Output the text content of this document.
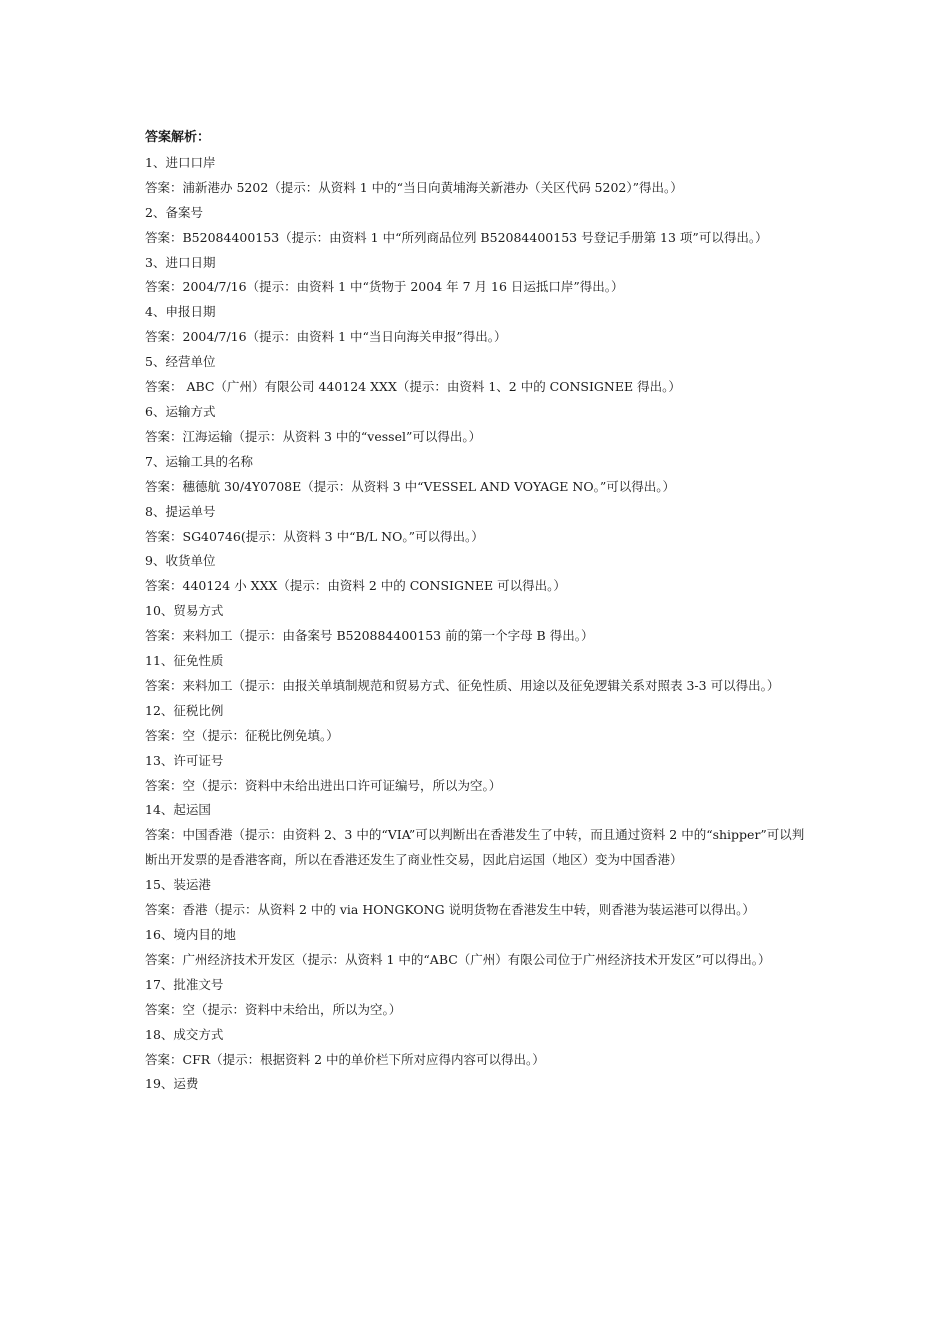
答案解析：

1、进口口岸

答案：浦新港办 5202（提示：从资料 1 中的“当日向黄埔海关新港办（关区代码 5202）”得出。）

2、备案号

答案：B52084400153（提示：由资料 1 中“所列商品位列 B52084400153 号登记手册第 13 项”可以得出。）

3、进口日期

答案：2004/7/16（提示：由资料 1 中“货物于 2004 年 7 月 16 日运抵口岸”得出。）

4、申报日期

答案：2004/7/16（提示：由资料 1 中“当日向海关申报”得出。）

5、经营单位

答案： ABC（广州）有限公司 440124 XXX（提示：由资料 1、2 中的 CONSIGNEE 得出。）

6、运输方式

答案：江海运输（提示：从资料 3 中的“vessel”可以得出。）

7、运输工具的名称

答案：穗德航 30/4Y0708E（提示：从资料 3 中“VESSEL AND VOYAGE NO。”可以得出。）

8、提运单号

答案：SG40746(提示：从资料 3 中“B/L NO。”可以得出。）

9、收货单位

答案：440124 小 XXX（提示：由资料 2 中的 CONSIGNEE 可以得出。）

10、贸易方式

答案：来料加工（提示：由备案号 B520884400153 前的第一个字母 B 得出。）

11、征免性质

答案：来料加工（提示：由报关单填制规范和贸易方式、征免性质、用途以及征免逻辑关系对照表 3-3 可以得出。）

12、征税比例

答案：空（提示：征税比例免填。）

13、许可证号

答案：空（提示：资料中未给出进出口许可证编号，所以为空。）

14、起运国

答案：中国香港（提示：由资料 2、3 中的“VIA”可以判断出在香港发生了中转，而且通过资料 2 中的“shipper”可以判断出开发票的是香港客商，所以在香港还发生了商业性交易，因此启运国（地区）变为中国香港）

15、装运港

答案：香港（提示：从资料 2 中的 via HONGKONG 说明货物在香港发生中转，则香港为装运港可以得出。）

16、境内目的地

答案：广州经济技术开发区（提示：从资料 1 中的“ABC（广州）有限公司位于广州经济技术开发区”可以得出。）

17、批准文号

答案：空（提示：资料中未给出，所以为空。）

18、成交方式

答案：CFR（提示：根据资料 2 中的单价栏下所对应得内容可以得出。）

19、运费
